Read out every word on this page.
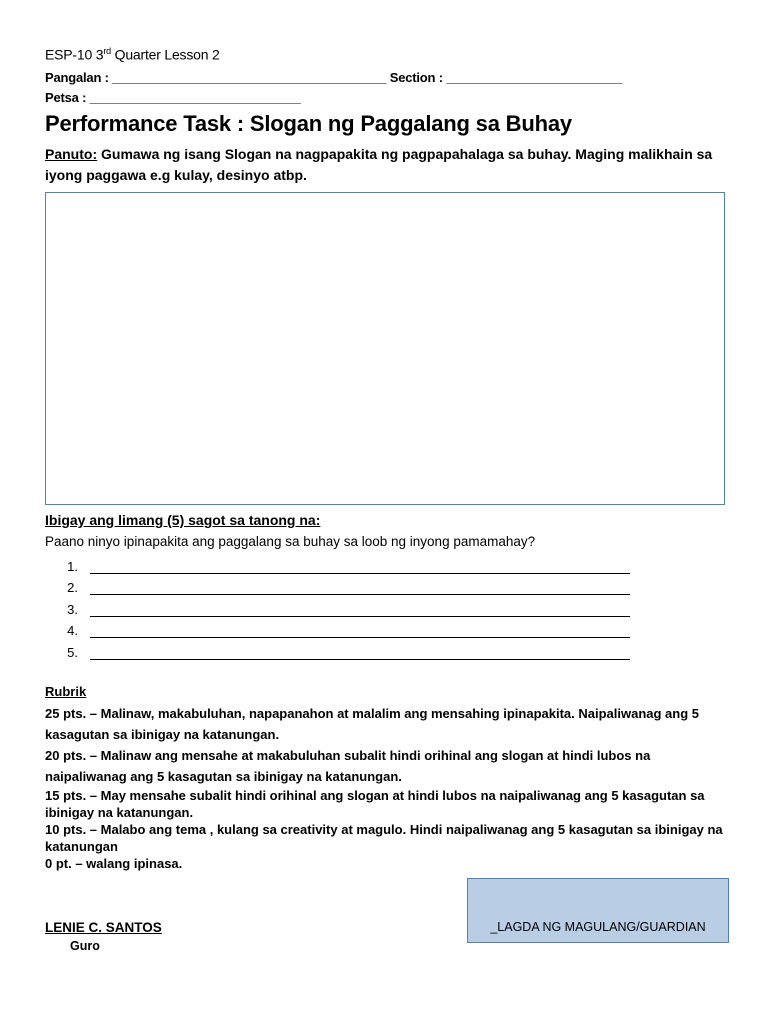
ESP-10 3rd Quarter Lesson 2
Pangalan : _______________________________________ Section : _________________________
Petsa : ______________________________
Performance Task : Slogan ng Paggalang sa Buhay
Panuto: Gumawa ng isang Slogan na nagpapakita ng pagpapahalaga sa buhay. Maging malikhain sa iyong paggawa e.g kulay, desinyo atbp.
Ibigay ang limang (5) sagot sa tanong na:
Paano ninyo ipinapakita ang paggalang sa buhay sa loob ng inyong pamamahay?
1.
2.
3.
4.
5.
Rubrik

25 pts. – Malinaw, makabuluhan, napapanahon at malalim ang mensahing ipinapakita. Naipaliwanag ang 5 kasagutan sa ibinigay na katanungan.

20 pts. – Malinaw ang mensahe at makabuluhan subalit hindi orihinal ang slogan at hindi lubos na naipaliwanag ang 5 kasagutan sa ibinigay na katanungan.

15 pts. – May mensahe subalit hindi orihinal ang slogan at hindi lubos na naipaliwanag ang 5 kasagutan sa ibinigay na katanungan.

10 pts. – Malabo ang tema , kulang sa creativity at magulo. Hindi naipaliwanag ang 5 kasagutan sa ibinigay na katanungan

0 pt. – walang ipinasa.

_LAGDA NG MAGULANG/GUARDIAN
LENIE C. SANTOS
Guro
